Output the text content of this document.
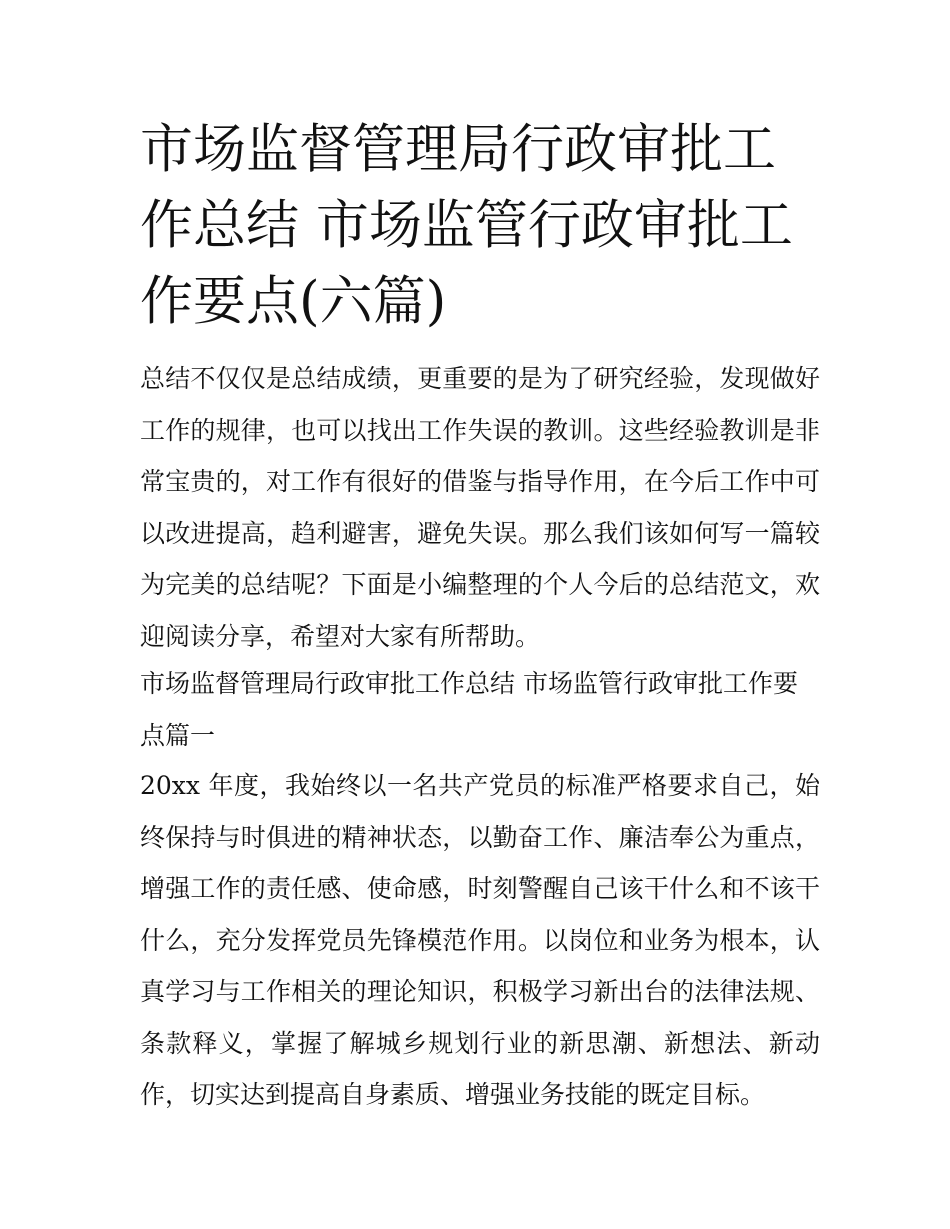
市场监督管理局行政审批工作总结 市场监管行政审批工作要点(六篇)

总结不仅仅是总结成绩，更重要的是为了研究经验，发现做好工作的规律，也可以找出工作失误的教训。这些经验教训是非常宝贵的，对工作有很好的借鉴与指导作用，在今后工作中可以改进提高，趋利避害，避免失误。那么我们该如何写一篇较为完美的总结呢？下面是小编整理的个人今后的总结范文，欢迎阅读分享，希望对大家有所帮助。

市场监督管理局行政审批工作总结 市场监管行政审批工作要点篇一

20xx 年度，我始终以一名共产党员的标准严格要求自己，始终保持与时俱进的精神状态，以勤奋工作、廉洁奉公为重点，增强工作的责任感、使命感，时刻警醒自己该干什么和不该干什么，充分发挥党员先锋模范作用。以岗位和业务为根本，认真学习与工作相关的理论知识，积极学习新出台的法律法规、条款释义，掌握了解城乡规划行业的新思潮、新想法、新动作，切实达到提高自身素质、增强业务技能的既定目标。
